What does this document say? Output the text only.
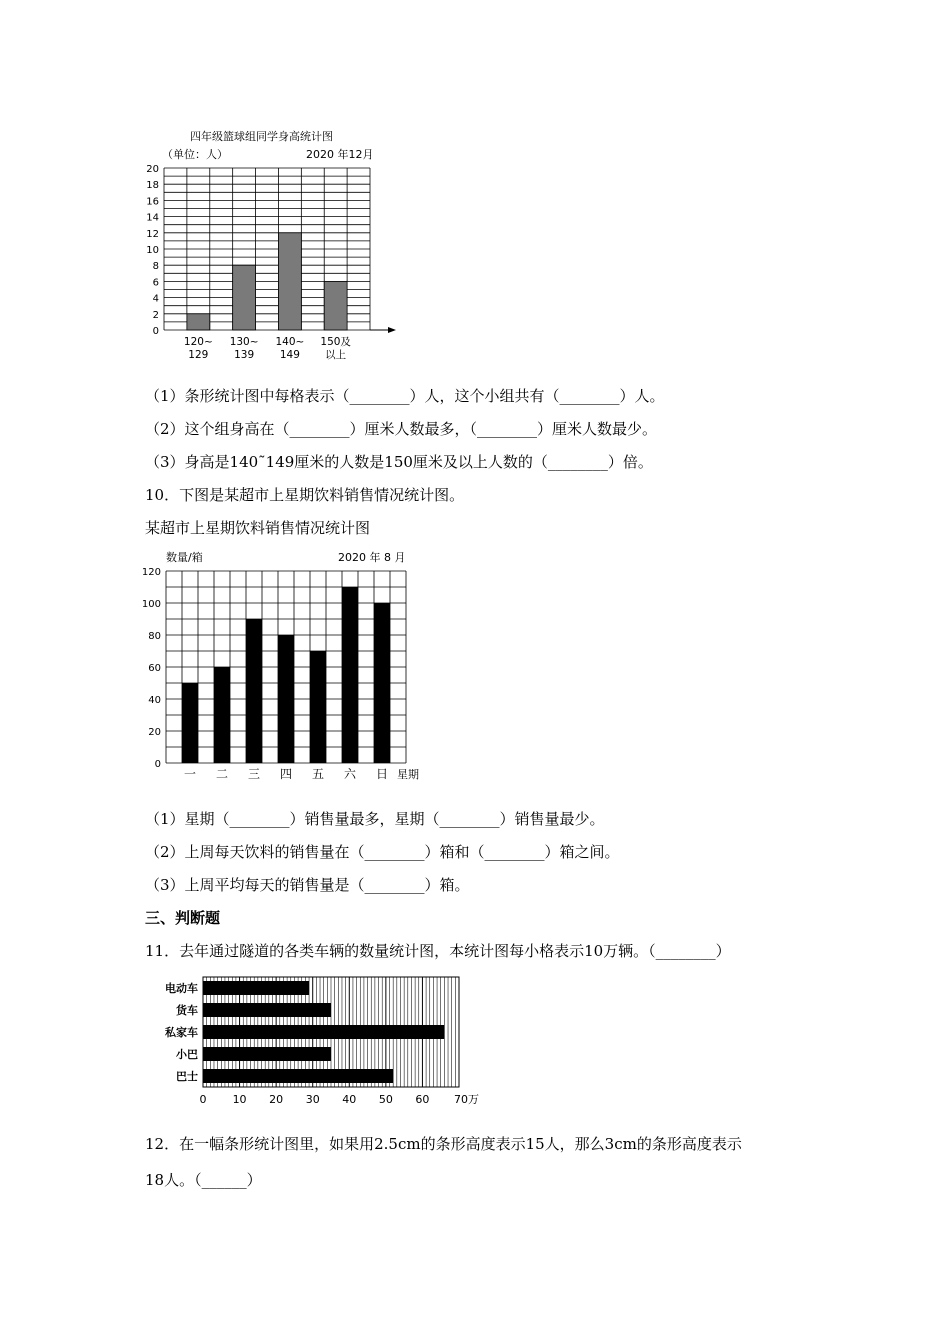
四年级篮球组同学身高统计图
（单位：人）	2020 年12月
0
2
4
6
8
10
12
14
16
18
20
120~
129
130~
139
140~
149
150及
以上
（1）条形统计图中每格表示（________）人，这个小组共有（________）人。
（2）这个组身高在（________）厘米人数最多，（________）厘米人数最少。
（3）身高是140˜149厘米的人数是150厘米及以上人数的（________）倍。
10．下图是某超市上星期饮料销售情况统计图。
某超市上星期饮料销售情况统计图
数量/箱	2020 年 8 月
0
20
40
60
80
100
120
一 二 三 四 五 六 日 星期
（1）星期（________）销售量最多，星期（________）销售量最少。
（2）上周每天饮料的销售量在（________）箱和（________）箱之间。
（3）上周平均每天的销售量是（________）箱。
三、判断题
11．去年通过隧道的各类车辆的数量统计图，本统计图每小格表示10万辆。（________）
电动车
货车
私家车
小巴
巴士
0 10 20 30 40 50 60 70万
12．在一幅条形统计图里，如果用2.5cm的条形高度表示15人，那么3cm的条形高度表示
18人。（______）
